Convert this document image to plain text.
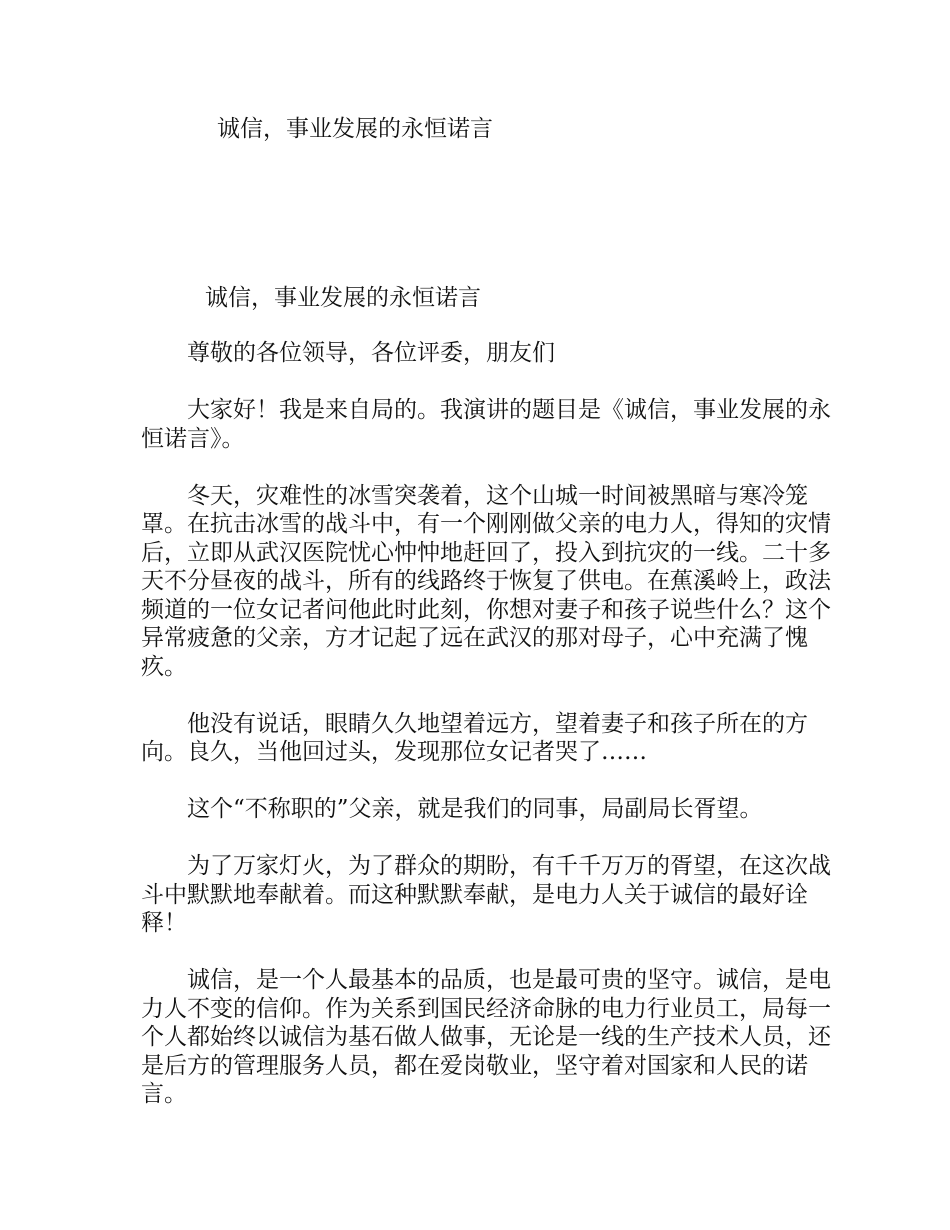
诚信，事业发展的永恒诺言
诚信，事业发展的永恒诺言

尊敬的各位领导，各位评委，朋友们

大家好！我是来自局的。我演讲的题目是《诚信，事业发展的永恒诺言》。

冬天，灾难性的冰雪突袭着，这个山城一时间被黑暗与寒冷笼罩。在抗击冰雪的战斗中，有一个刚刚做父亲的电力人，得知的灾情后，立即从武汉医院忧心忡忡地赶回了，投入到抗灾的一线。二十多天不分昼夜的战斗，所有的线路终于恢复了供电。在蕉溪岭上，政法频道的一位女记者问他此时此刻，你想对妻子和孩子说些什么？这个异常疲惫的父亲，方才记起了远在武汉的那对母子，心中充满了愧疚。

他没有说话，眼睛久久地望着远方，望着妻子和孩子所在的方向。良久，当他回过头，发现那位女记者哭了……

这个“不称职的”父亲，就是我们的同事，局副局长胥望。

为了万家灯火，为了群众的期盼，有千千万万的胥望，在这次战斗中默默地奉献着。而这种默默奉献，是电力人关于诚信的最好诠释！

诚信，是一个人最基本的品质，也是最可贵的坚守。诚信，是电力人不变的信仰。作为关系到国民经济命脉的电力行业员工，局每一个人都始终以诚信为基石做人做事，无论是一线的生产技术人员，还是后方的管理服务人员，都在爱岗敬业，坚守着对国家和人民的诺言。
